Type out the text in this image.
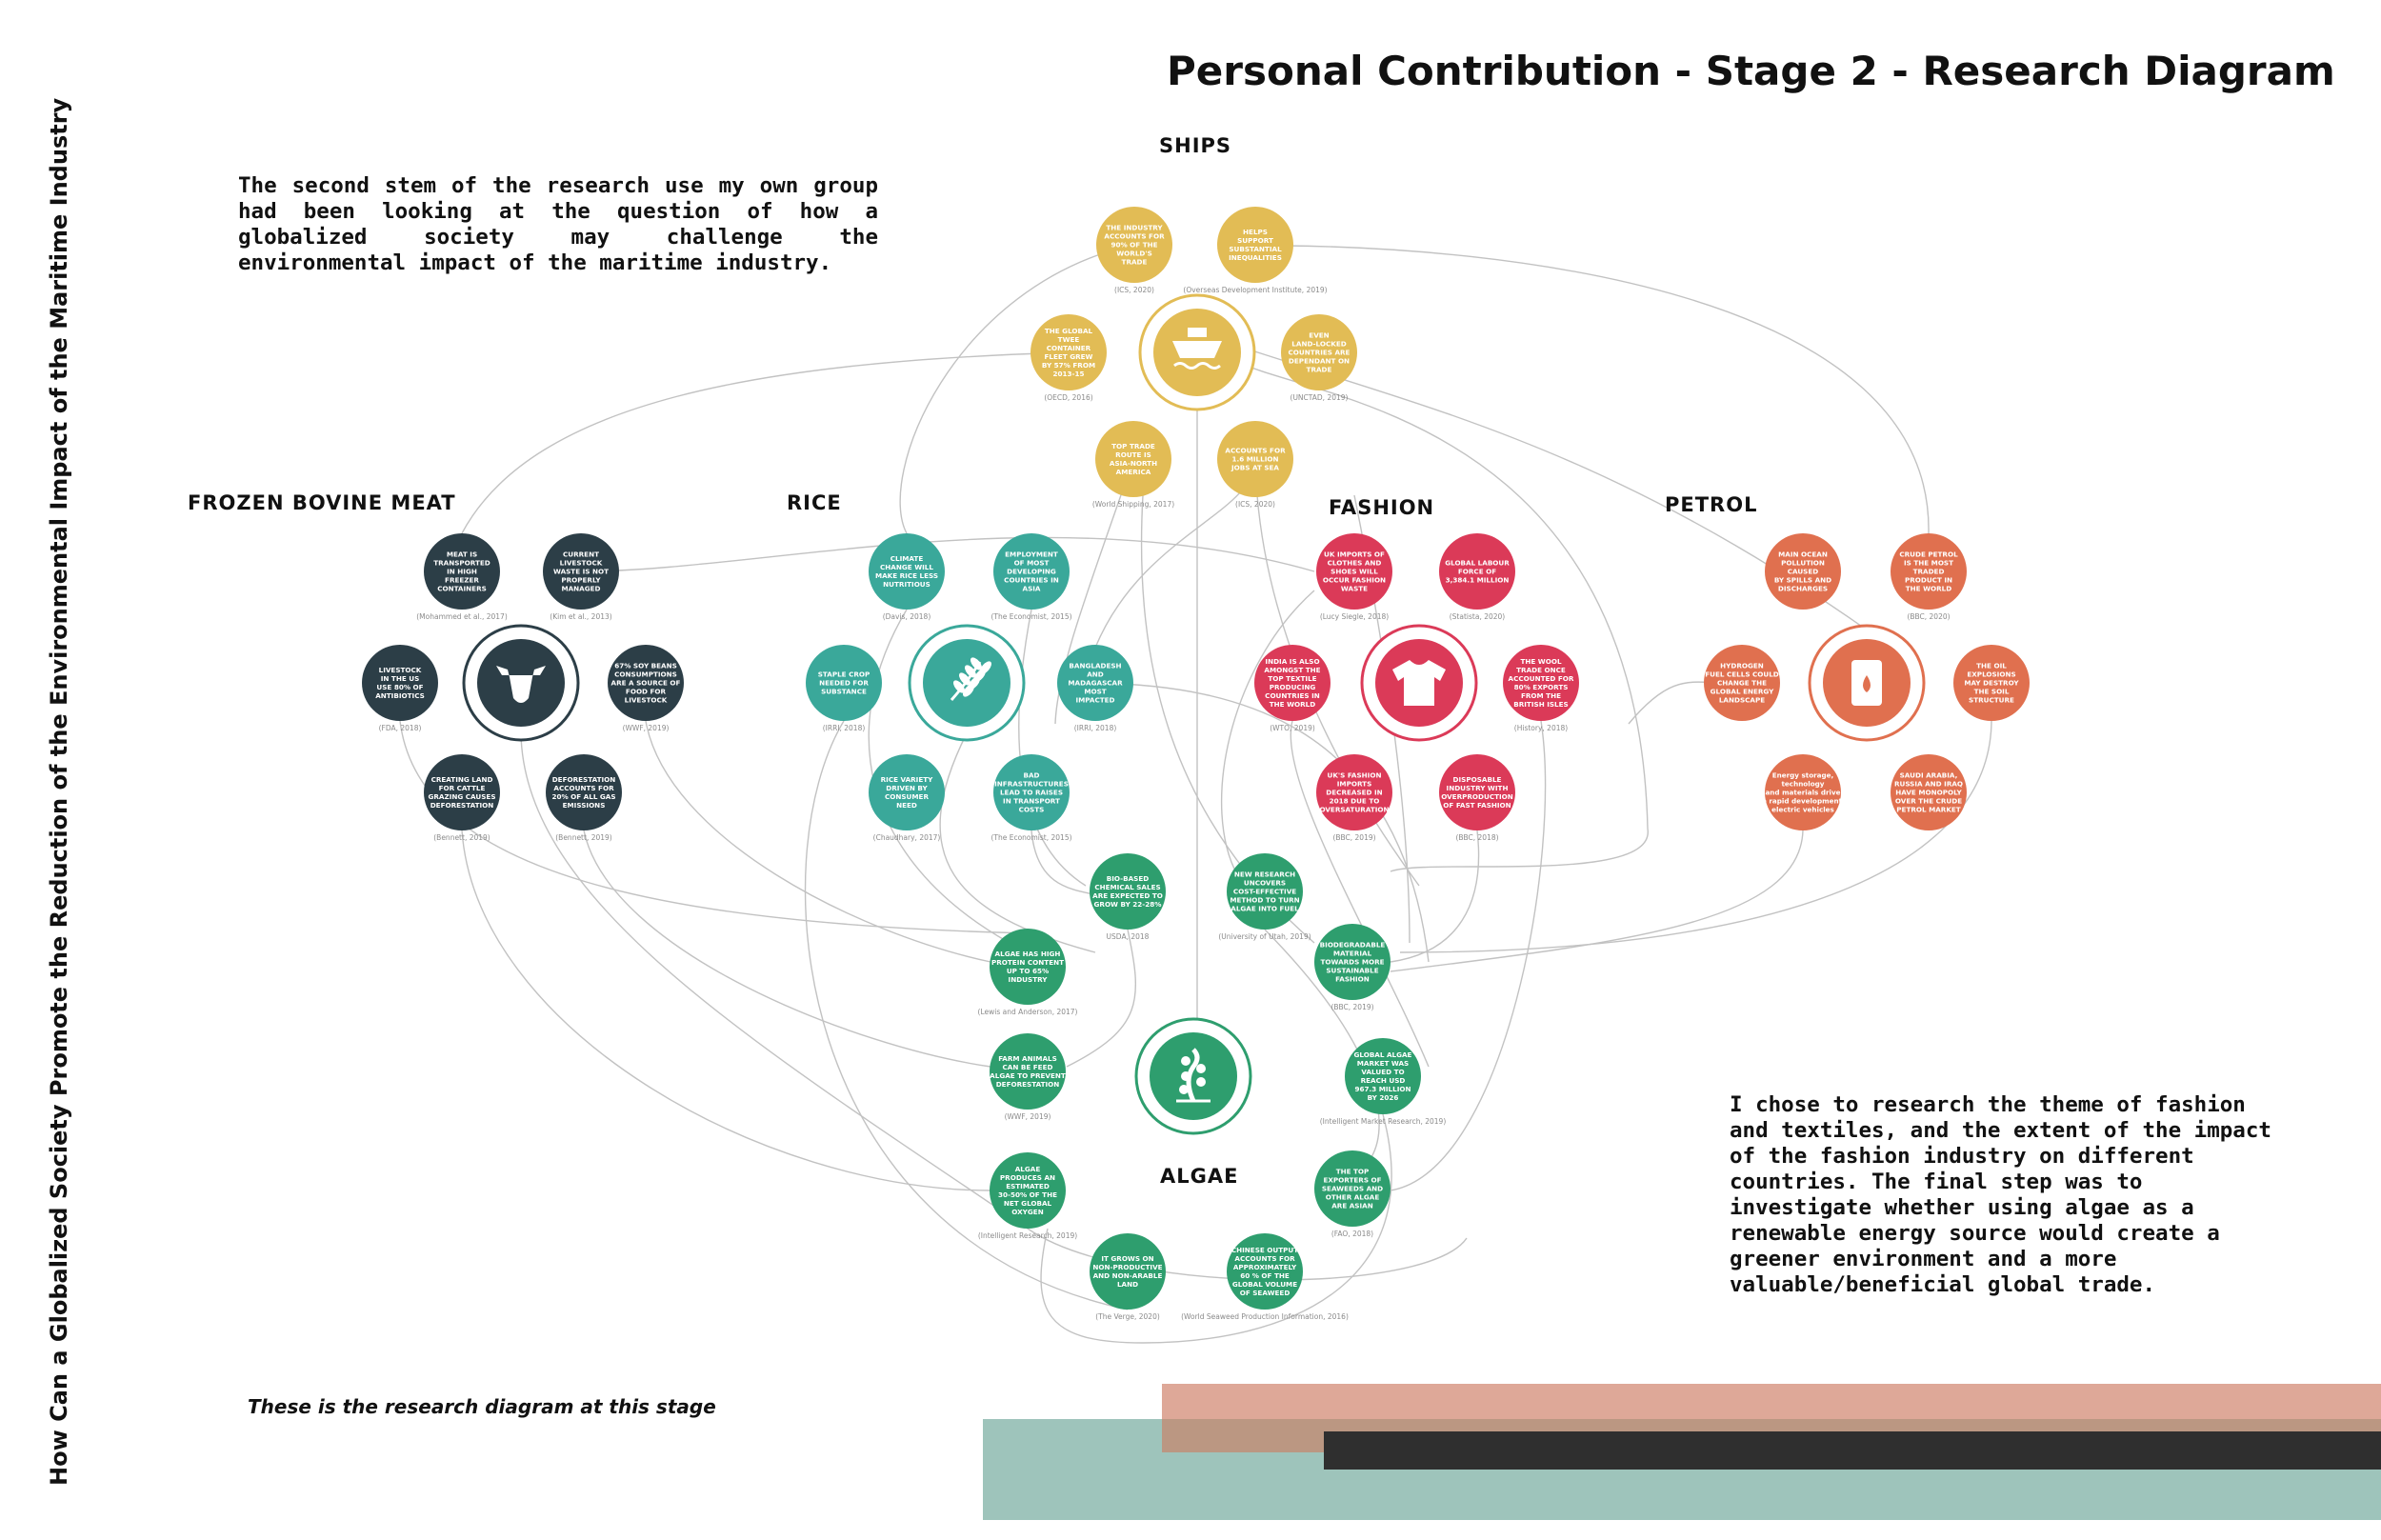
How Can a Globalized Society Promote the Reduction of the Environmental Impact of the Maritime Industry
Personal Contribution - Stage 2 - Research Diagram
The second stem of the research use my own group had been looking at the question of how a globalized society may challenge the environmental impact of the maritime industry.
I chose to research the theme of fashion and textiles, and the extent of the impact of the fashion industry on different countries. The final step was to investigate whether using algae as a renewable energy source would create a greener environment and a more valuable/beneficial global trade.
These is the research diagram at this stage
THE INDUSTRY
ACCOUNTS FOR
90% OF THE
WORLD'S
TRADE
(ICS, 2020)
HELPS
SUPPORT
SUBSTANTIAL
INEQUALITIES
(Overseas Development Institute, 2019)
THE GLOBAL
TWEE
CONTAINER
FLEET GREW
BY 57% FROM
2013-15
(OECD, 2016)
EVEN
LAND-LOCKED
COUNTRIES ARE
DEPENDANT ON
TRADE
(UNCTAD, 2019)
TOP TRADE
ROUTE IS
ASIA-NORTH
AMERICA
(World Shipping, 2017)
ACCOUNTS FOR
1.6 MILLION
JOBS AT SEA
(ICS, 2020)
MEAT IS
TRANSPORTED
IN HIGH
FREEZER
CONTAINERS
(Mohammed et al., 2017)
CURRENT
LIVESTOCK
WASTE IS NOT
PROPERLY
MANAGED
(Kim et al., 2013)
LIVESTOCK
IN THE US
USE 80% OF
ANTIBIOTICS
(FDA, 2018)
67% SOY BEANS
CONSUMPTIONS
ARE A SOURCE OF
FOOD FOR
LIVESTOCK
(WWF, 2019)
CREATING LAND
FOR CATTLE
GRAZING CAUSES
DEFORESTATION
(Bennett, 2019)
DEFORESTATION
ACCOUNTS FOR
20% OF ALL GAS
EMISSIONS
(Bennett, 2019)
CLIMATE
CHANGE WILL
MAKE RICE LESS
NUTRITIOUS
(Davis, 2018)
EMPLOYMENT
OF MOST
DEVELOPING
COUNTRIES IN
ASIA
(The Economist, 2015)
STAPLE CROP
NEEDED FOR
SUBSTANCE
(IRRI, 2018)
BANGLADESH
AND
MADAGASCAR
MOST
IMPACTED
(IRRI, 2018)
RICE VARIETY
DRIVEN BY
CONSUMER
NEED
(Chaudhary, 2017)
BAD
INFRASTRUCTURES
LEAD TO RAISES
IN TRANSPORT
COSTS
(The Economist, 2015)
UK IMPORTS OF
CLOTHES AND
SHOES WILL
OCCUR FASHION
WASTE
(Lucy Siegle, 2018)
GLOBAL LABOUR
FORCE OF
3,384.1 MILLION
(Statista, 2020)
INDIA IS ALSO
AMONGST THE
TOP TEXTILE
PRODUCING
COUNTRIES IN
THE WORLD
(WTO, 2019)
THE WOOL
TRADE ONCE
ACCOUNTED FOR
80% EXPORTS
FROM THE
BRITISH ISLES
(History, 2018)
UK'S FASHION
IMPORTS
DECREASED IN
2018 DUE TO
OVERSATURATION
(BBC, 2019)
DISPOSABLE
INDUSTRY WITH
OVERPRODUCTION
OF FAST FASHION
(BBC, 2018)
MAIN OCEAN
POLLUTION
CAUSED
BY SPILLS AND
DISCHARGES
CRUDE PETROL
IS THE MOST
TRADED
PRODUCT IN
THE WORLD
(BBC, 2020)
HYDROGEN
FUEL CELLS COULD
CHANGE THE
GLOBAL ENERGY
LANDSCAPE
THE OIL
EXPLOSIONS
MAY DESTROY
THE SOIL
STRUCTURE
Energy storage,
technology
and materials drive
the rapid development of
electric vehicles
SAUDI ARABIA,
RUSSIA AND IRAQ
HAVE MONOPOLY
OVER THE CRUDE
PETROL MARKET
BIO-BASED
CHEMICAL SALES
ARE EXPECTED TO
GROW BY 22-28%
USDA, 2018
NEW RESEARCH
UNCOVERS
COST-EFFECTIVE
METHOD TO TURN
ALGAE INTO FUEL
(University of Utah, 2019)
ALGAE HAS HIGH
PROTEIN CONTENT
UP TO 65%
INDUSTRY
(Lewis and Anderson, 2017)
BIODEGRADABLE
MATERIAL
TOWARDS MORE
SUSTAINABLE
FASHION
(BBC, 2019)
FARM ANIMALS
CAN BE FEED
ALGAE TO PREVENT
DEFORESTATION
(WWF, 2019)
GLOBAL ALGAE
MARKET WAS
VALUED TO
REACH USD
967.3 MILLION
BY 2026
(Intelligent Market Research, 2019)
ALGAE
PRODUCES AN
ESTIMATED
30-50% OF THE
NET GLOBAL
OXYGEN
(Intelligent Research, 2019)
THE TOP
EXPORTERS OF
SEAWEEDS AND
OTHER ALGAE
ARE ASIAN
(FAO, 2018)
IT GROWS ON
NON-PRODUCTIVE
AND NON-ARABLE
LAND
(The Verge, 2020)
CHINESE OUTPUT
ACCOUNTS FOR
APPROXIMATELY
60 % OF THE
GLOBAL VOLUME
OF SEAWEED
(World Seaweed Production Information, 2016)
SHIPS
FROZEN BOVINE MEAT	RICE	FASHION	PETROL
ALGAE
